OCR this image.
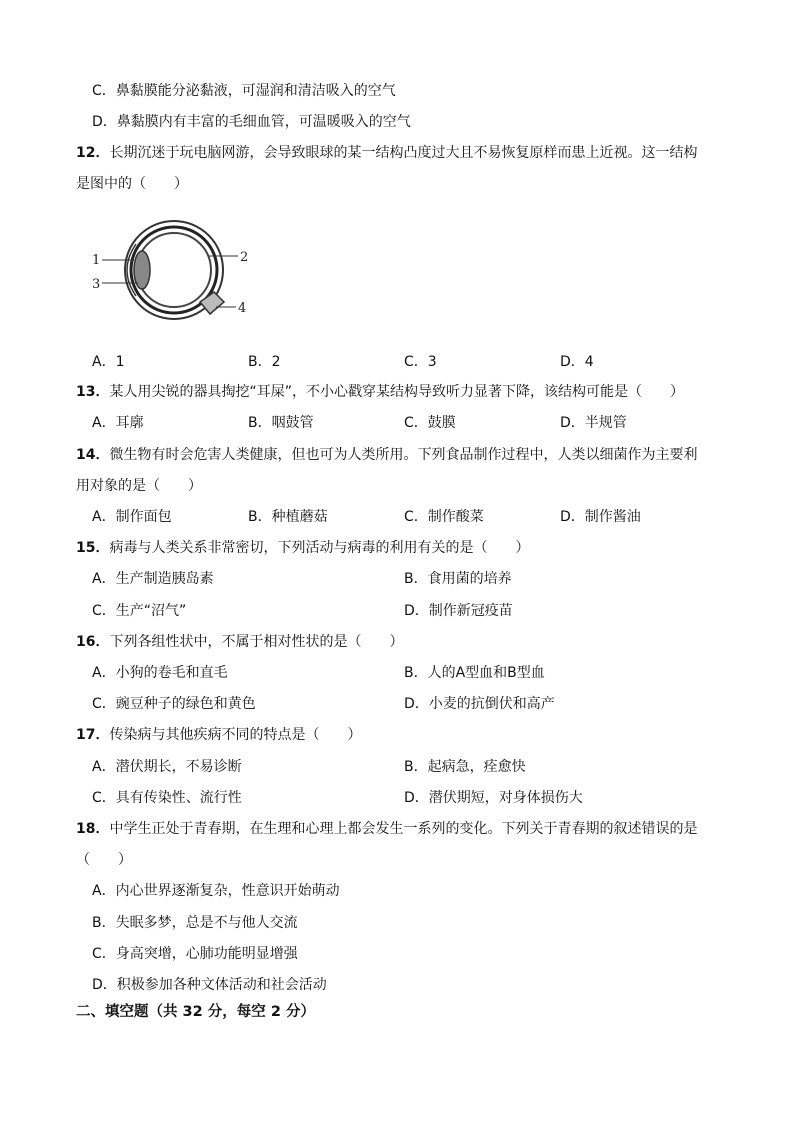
C．鼻黏膜能分泌黏液，可湿润和清洁吸入的空气
D．鼻黏膜内有丰富的毛细血管，可温暖吸入的空气
12．长期沉迷于玩电脑网游，会导致眼球的某一结构凸度过大且不易恢复原样而患上近视。这一结构
是图中的（　　）
1
3
2
4
A．1	B．2	C．3	D．4
13．某人用尖锐的器具掏挖“耳屎”，不小心戳穿某结构导致听力显著下降，该结构可能是（　　）
A．耳廓	B．咽鼓管	C．鼓膜	D．半规管
14．微生物有时会危害人类健康，但也可为人类所用。下列食品制作过程中，人类以细菌作为主要利
用对象的是（　　）
A．制作面包	B．种植蘑菇	C．制作酸菜	D．制作酱油
15．病毒与人类关系非常密切，下列活动与病毒的利用有关的是（　　）
A．生产制造胰岛素	B．食用菌的培养
C．生产“沼气”	D．制作新冠疫苗
16．下列各组性状中，不属于相对性状的是（　　）
A．小狗的卷毛和直毛	B．人的A型血和B型血
C．豌豆种子的绿色和黄色	D．小麦的抗倒伏和高产
17．传染病与其他疾病不同的特点是（　　）
A．潜伏期长，不易诊断	B．起病急，痊愈快
C．具有传染性、流行性	D．潜伏期短，对身体损伤大
18．中学生正处于青春期，在生理和心理上都会发生一系列的变化。下列关于青春期的叙述错误的是
（　　）
A．内心世界逐渐复杂，性意识开始萌动
B．失眠多梦，总是不与他人交流
C．身高突增，心肺功能明显增强
D．积极参加各种文体活动和社会活动
二、填空题（共 32 分，每空 2 分）
